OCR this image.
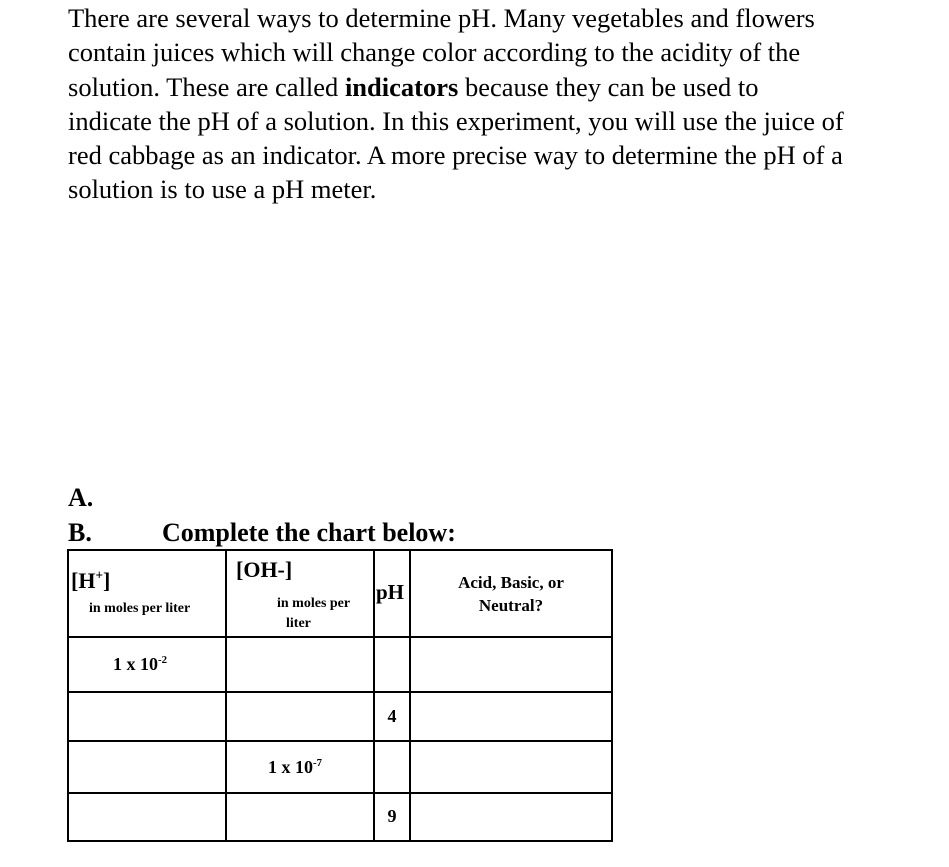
There are several ways to determine pH. Many vegetables and flowers contain juices which will change color according to the acidity of the solution. These are called indicators because they can be used to indicate the pH of a solution. In this experiment, you will use the juice of red cabbage as an indicator. A more precise way to determine the pH of a solution is to use a pH meter.
A.
B.	Complete the chart below:
[H+]
in moles per liter
[OH-]
in moles per
liter
pH	Acid, Basic, or
Neutral?
1 x $10^{-2}$
4
1 x $10^{-7}$
9
